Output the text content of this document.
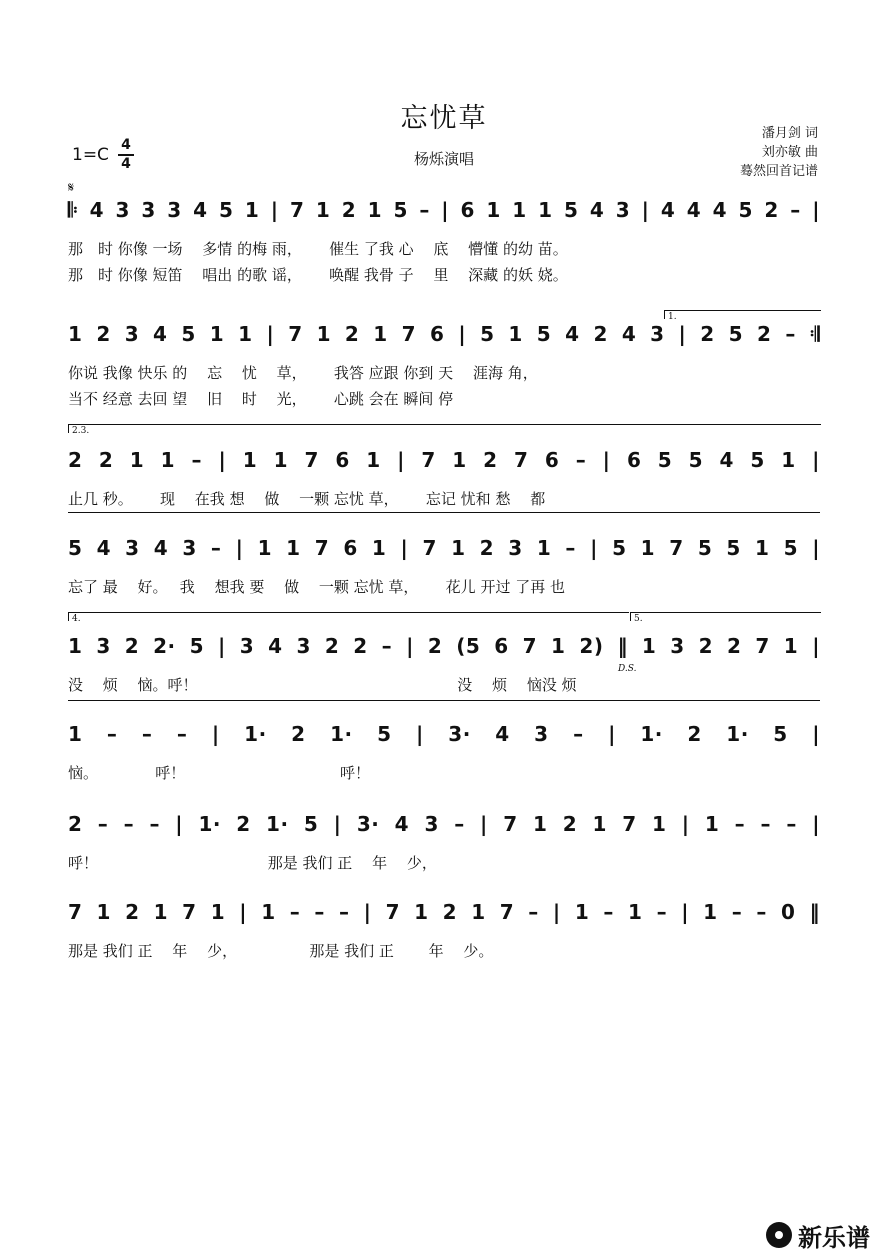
忘忧草
杨烁演唱
1=C 4
4
潘月剑 词
刘亦敏 曲
蓦然回首记谱
𝄋
𝄆 4 3 3 3 4 5 1 | 7 1 2 1 5 – | 6 1 1 1 5 4 3 | 4 4 4 5 2 – |
那　时 你像 一场　 多情 的梅 雨，　　 催生 了我 心　 底　 懵懂 的幼 苗。
那　时 你像 短笛　 唱出 的歌 谣，　　 唤醒 我骨 子　 里　 深藏 的妖 娆。
1 2 3 4 5 1 1 | 7 1 2 1 7 6 | 5 1 5 4 2 4 3 | 2 5 2 – 𝄇
你说 我像 快乐 的　 忘　 忧　 草，　　 我答 应跟 你到 天　 涯海 角，
当不 经意 去回 望　 旧　 时　 光，　　 心跳 会在 瞬间 停
2 2 1 1 – | 1 1 7 6 1 | 7 1 2 7 6 – | 6 5 5 4 5 1 |
止几 秒。　　 现　 在我 想　 做　 一颗 忘忧 草，　　 忘记 忧和 愁　 都
5 4 3 4 3 – | 1 1 7 6 1 | 7 1 2 3 1 – | 5 1 7 5 5 1 5 |
忘了 最　 好。　 我　 想我 要　 做　 一颗 忘忧 草，　　 花儿 开过 了再 也
1 3 2 2· 5 | 3 4 3 2 2 – | 2 (5 6 7 1 2) ‖ 1 3 2 2 7 1 |
没　 烦　 恼。呼！　　　　　　　　　　　　　　　　　 没　 烦　 恼没 烦
1 – – – | 1· 2 1· 5 | 3· 4 3 – | 1· 2 1· 5 |
恼。　　　　 呼！　　　　　　　　　　 呼！
2 – – – | 1· 2 1· 5 | 3· 4 3 – | 7 1 2 1 7 1 | 1 – – – |
呼！　　　　　　　　　　　 那是 我们 正　 年　 少，
7 1 2 1 7 1 | 1 – – – | 7 1 2 1 7 – | 1 – 1 – | 1 – – 0 ‖
那是 我们 正　 年　 少，　　　　　 那是 我们 正　　 年　 少。
新乐谱
1.
2.3.
4.	5.
D.S.
